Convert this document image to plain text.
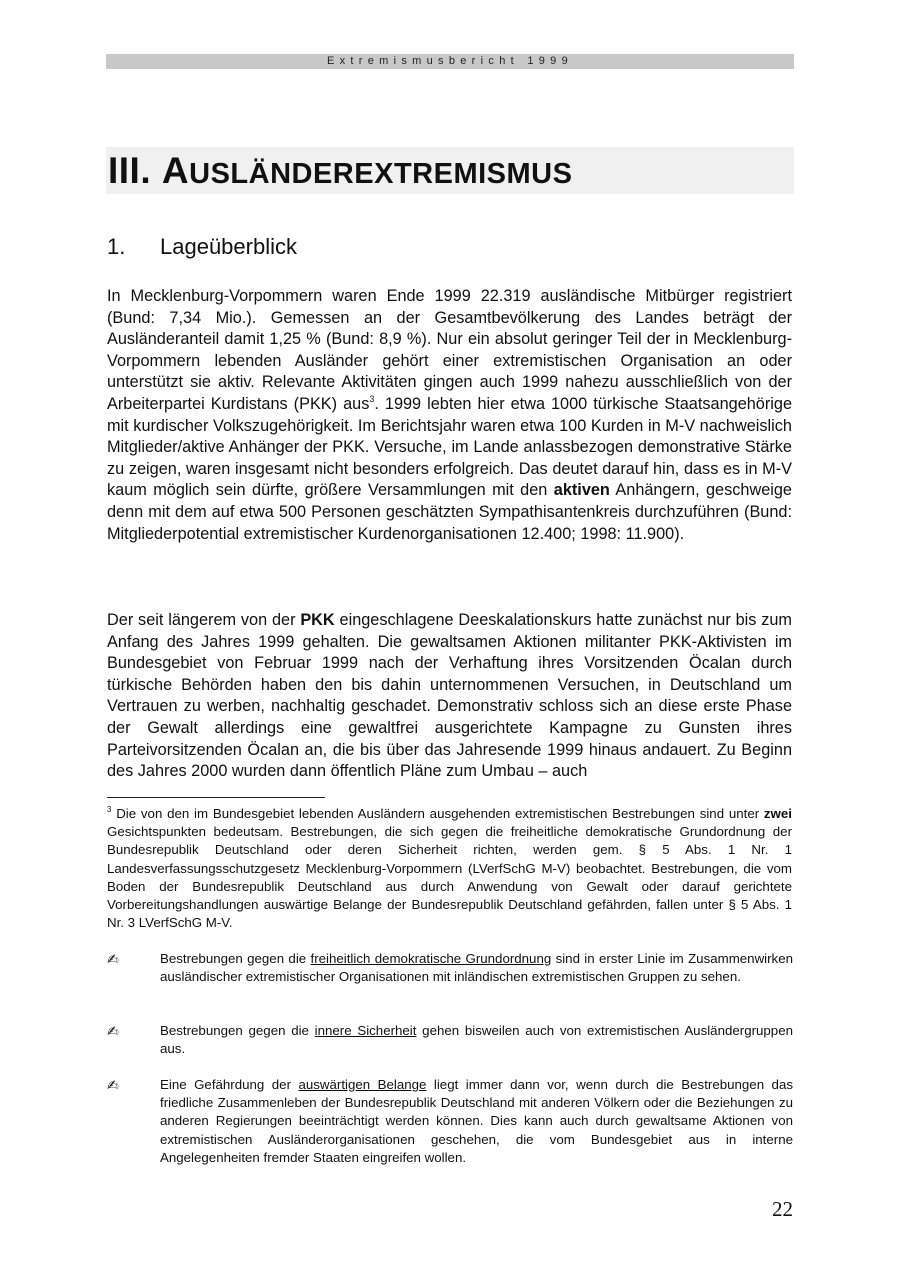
Extremismusbericht 1999
III. AUSLÄNDEREXTREMISMUS
1. Lageüberblick

In Mecklenburg-Vorpommern waren Ende 1999 22.319 ausländische Mitbürger registriert (Bund: 7,34 Mio.). Gemessen an der Gesamtbevölkerung des Landes beträgt der Ausländeranteil damit 1,25 % (Bund: 8,9 %). Nur ein absolut geringer Teil der in Mecklenburg-Vorpommern lebenden Ausländer gehört einer extremistischen Organisation an oder unterstützt sie aktiv. Relevante Aktivitäten gingen auch 1999 nahezu ausschließlich von der Arbeiterpartei Kurdistans (PKK) aus$^3$. 1999 lebten hier etwa 1000 türkische Staatsangehörige mit kurdischer Volkszugehörigkeit. Im Berichtsjahr waren etwa 100 Kurden in M-V nachweislich Mitglieder/aktive Anhänger der PKK. Versuche, im Lande anlassbezogen demonstrative Stärke zu zeigen, waren insgesamt nicht besonders erfolgreich. Das deutet darauf hin, dass es in M-V kaum möglich sein dürfte, größere Versammlungen mit den aktiven Anhängern, geschweige denn mit dem auf etwa 500 Personen geschätzten Sympathisantenkreis durchzuführen (Bund: Mitgliederpotential extremistischer Kurdenorganisationen 12.400; 1998: 11.900).

Der seit längerem von der PKK eingeschlagene Deeskalationskurs hatte zunächst nur bis zum Anfang des Jahres 1999 gehalten. Die gewaltsamen Aktionen militanter PKK-Aktivisten im Bundesgebiet von Februar 1999 nach der Verhaftung ihres Vorsitzenden Öcalan durch türkische Behörden haben den bis dahin unternommenen Versuchen, in Deutschland um Vertrauen zu werben, nachhaltig geschadet. Demonstrativ schloss sich an diese erste Phase der Gewalt allerdings eine gewaltfrei ausgerichtete Kampagne zu Gunsten ihres Parteivorsitzenden Öcalan an, die bis über das Jahresende 1999 hinaus andauert. Zu Beginn des Jahres 2000 wurden dann öffentlich Pläne zum Umbau – auch

$^3$ Die von den im Bundesgebiet lebenden Ausländern ausgehenden extremistischen Bestrebungen sind unter zwei Gesichtspunkten bedeutsam. Bestrebungen, die sich gegen die freiheitliche demokratische Grundordnung der Bundesrepublik Deutschland oder deren Sicherheit richten, werden gem. § 5 Abs. 1 Nr. 1 Landesverfassungsschutzgesetz Mecklenburg-Vorpommern (LVerfSchG M-V) beobachtet. Bestrebungen, die vom Boden der Bundesrepublik Deutschland aus durch Anwendung von Gewalt oder darauf gerichtete Vorbereitungshandlungen auswärtige Belange der Bundesrepublik Deutschland gefährden, fallen unter § 5 Abs. 1 Nr. 3 LVerfSchG M-V.

✍	Bestrebungen gegen die freiheitlich demokratische Grundordnung sind in erster Linie im Zusammenwirken ausländischer extremistischer Organisationen mit inländischen extremistischen Gruppen zu sehen.

✍	Bestrebungen gegen die innere Sicherheit gehen bisweilen auch von extremistischen Ausländergruppen aus.

✍	Eine Gefährdung der auswärtigen Belange liegt immer dann vor, wenn durch die Bestrebungen das friedliche Zusammenleben der Bundesrepublik Deutschland mit anderen Völkern oder die Beziehungen zu anderen Regierungen beeinträchtigt werden können. Dies kann auch durch gewaltsame Aktionen von extremistischen Ausländerorganisationen geschehen, die vom Bundesgebiet aus in interne Angelegenheiten fremder Staaten eingreifen wollen.

22
